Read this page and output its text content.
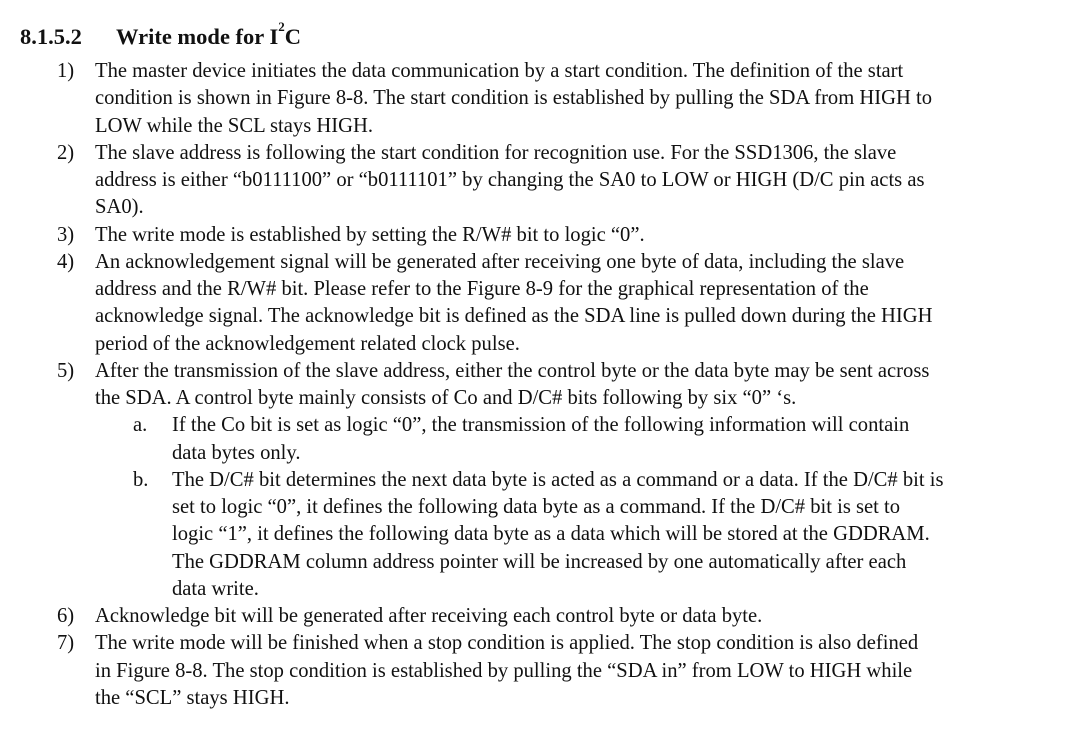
8.1.5.2 Write mode for $I^2C$
1) The master device initiates the data communication by a start condition. The definition of the start
condition is shown in Figure 8-8. The start condition is established by pulling the SDA from HIGH to
LOW while the SCL stays HIGH.
2) The slave address is following the start condition for recognition use. For the SSD1306, the slave
address is either “b0111100” or “b0111101” by changing the SA0 to LOW or HIGH (D/C pin acts as
SA0).
3) The write mode is established by setting the R/W# bit to logic “0”.
4) An acknowledgement signal will be generated after receiving one byte of data, including the slave
address and the R/W# bit. Please refer to the Figure 8-9 for the graphical representation of the
acknowledge signal. The acknowledge bit is defined as the SDA line is pulled down during the HIGH
period of the acknowledgement related clock pulse.
5) After the transmission of the slave address, either the control byte or the data byte may be sent across
the SDA. A control byte mainly consists of Co and D/C# bits following by six “0” ‘s.
a. If the Co bit is set as logic “0”, the transmission of the following information will contain
data bytes only.
b. The D/C# bit determines the next data byte is acted as a command or a data. If the D/C# bit is
set to logic “0”, it defines the following data byte as a command. If the D/C# bit is set to
logic “1”, it defines the following data byte as a data which will be stored at the GDDRAM.
The GDDRAM column address pointer will be increased by one automatically after each
data write.
6) Acknowledge bit will be generated after receiving each control byte or data byte.
7) The write mode will be finished when a stop condition is applied. The stop condition is also defined
in Figure 8-8. The stop condition is established by pulling the “SDA in” from LOW to HIGH while
the “SCL” stays HIGH.
